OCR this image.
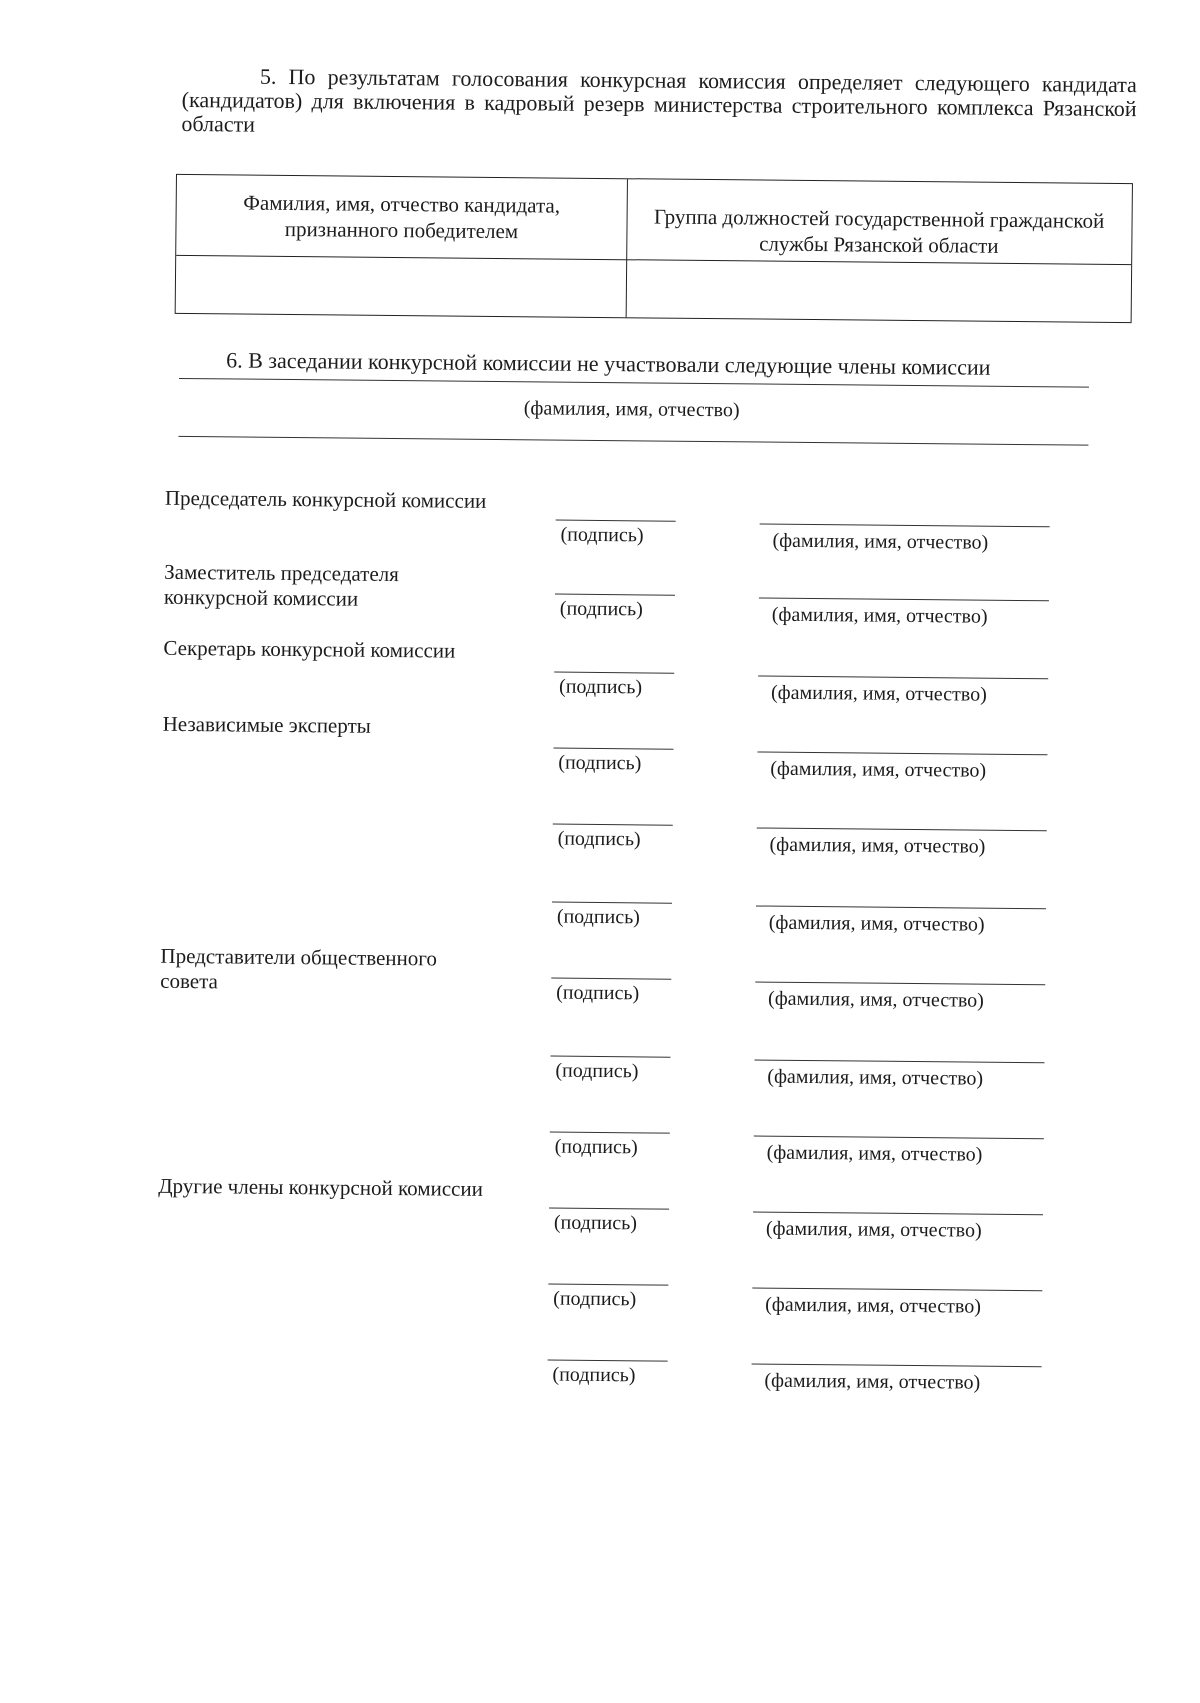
5. По результатам голосования конкурсная комиссия определяет следующего кандидата (кандидатов) для включения в кадровый резерв министерства строительного комплекса Рязанской области
Фамилия, имя, отчество кандидата, признанного победителем	Группа должностей государственной гражданской службы Рязанской области
6. В заседании конкурсной комиссии не участвовали следующие члены комиссии
(фамилия, имя, отчество)
Председатель конкурсной комиссии
(подпись)	(фамилия, имя, отчество)
Заместитель председателя конкурсной комиссии	(подпись)	(фамилия, имя, отчество)
Секретарь конкурсной комиссии
(подпись)	(фамилия, имя, отчество)
Независимые эксперты
(подпись)	(фамилия, имя, отчество)
(подпись)	(фамилия, имя, отчество)
(подпись)	(фамилия, имя, отчество)
Представители общественного совета	(подпись)	(фамилия, имя, отчество)
(подпись)	(фамилия, имя, отчество)
(подпись)	(фамилия, имя, отчество)
Другие члены конкурсной комиссии
(подпись)	(фамилия, имя, отчество)
(подпись)	(фамилия, имя, отчество)
(подпись)	(фамилия, имя, отчество)
